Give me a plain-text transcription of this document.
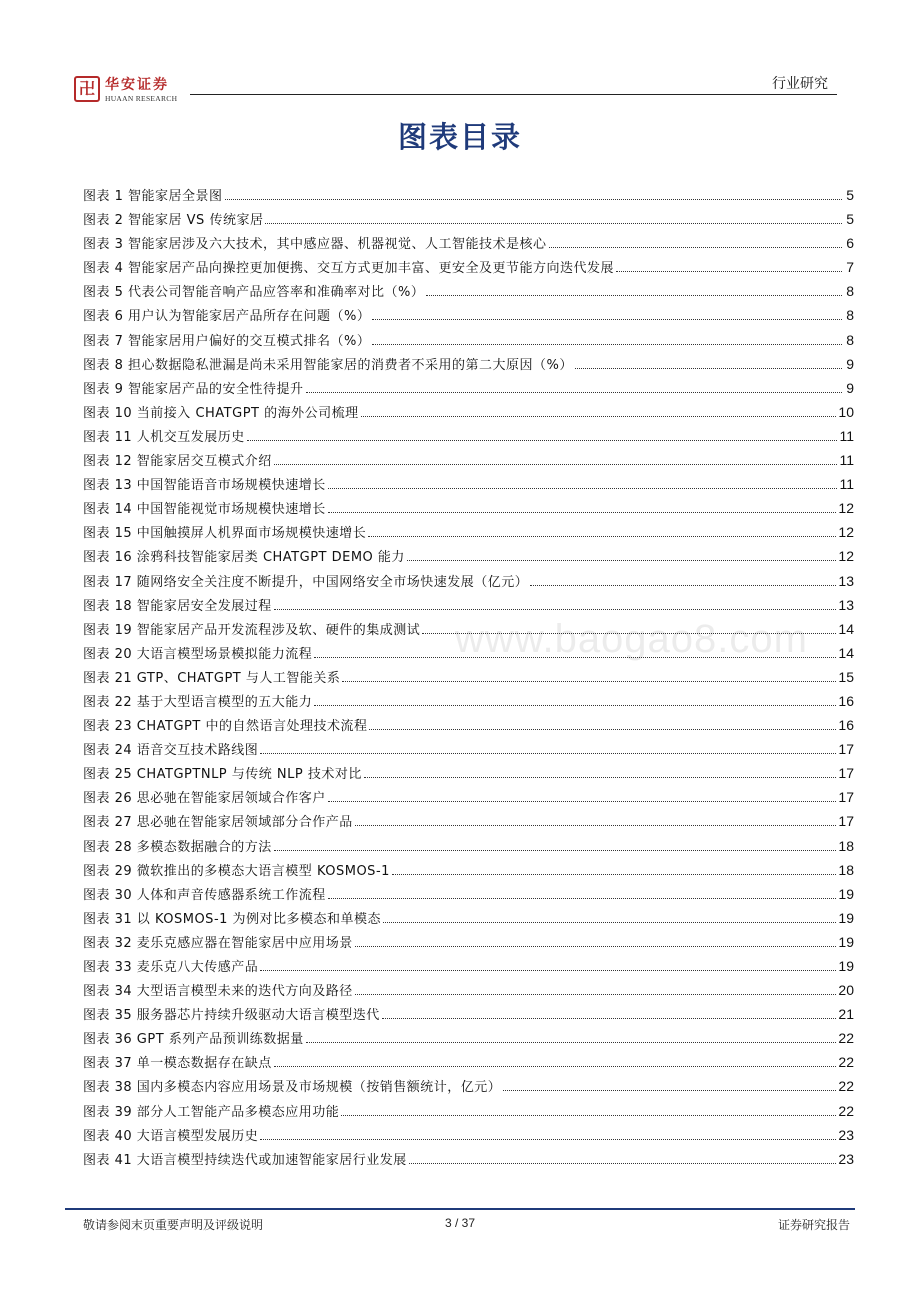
卍 华安证券
HUAAN RESEARCH
行业研究
图表目录
www.baogao8.com
图表 1 智能家居全景图	5
图表 2 智能家居 VS 传统家居	5
图表 3 智能家居涉及六大技术，其中感应器、机器视觉、人工智能技术是核心	6
图表 4 智能家居产品向操控更加便携、交互方式更加丰富、更安全及更节能方向迭代发展	7
图表 5 代表公司智能音响产品应答率和准确率对比（%）	8
图表 6 用户认为智能家居产品所存在问题（%）	8
图表 7 智能家居用户偏好的交互模式排名（%）	8
图表 8 担心数据隐私泄漏是尚未采用智能家居的消费者不采用的第二大原因（%）	9
图表 9 智能家居产品的安全性待提升	9
图表 10 当前接入 CHATGPT 的海外公司梳理	10
图表 11 人机交互发展历史	11
图表 12 智能家居交互模式介绍	11
图表 13 中国智能语音市场规模快速增长	11
图表 14 中国智能视觉市场规模快速增长	12
图表 15 中国触摸屏人机界面市场规模快速增长	12
图表 16 涂鸦科技智能家居类 CHATGPT DEMO 能力	12
图表 17 随网络安全关注度不断提升，中国网络安全市场快速发展（亿元）	13
图表 18 智能家居安全发展过程	13
图表 19 智能家居产品开发流程涉及软、硬件的集成测试	14
图表 20 大语言模型场景模拟能力流程	14
图表 21 GTP、CHATGPT 与人工智能关系	15
图表 22 基于大型语言模型的五大能力	16
图表 23 CHATGPT 中的自然语言处理技术流程	16
图表 24 语音交互技术路线图	17
图表 25 CHATGPTNLP 与传统 NLP 技术对比	17
图表 26 思必驰在智能家居领域合作客户	17
图表 27 思必驰在智能家居领域部分合作产品	17
图表 28 多模态数据融合的方法	18
图表 29 微软推出的多模态大语言模型 KOSMOS-1	18
图表 30 人体和声音传感器系统工作流程	19
图表 31 以 KOSMOS-1 为例对比多模态和单模态	19
图表 32 麦乐克感应器在智能家居中应用场景	19
图表 33 麦乐克八大传感产品	19
图表 34 大型语言模型未来的迭代方向及路径	20
图表 35 服务器芯片持续升级驱动大语言模型迭代	21
图表 36 GPT 系列产品预训练数据量	22
图表 37 单一模态数据存在缺点	22
图表 38 国内多模态内容应用场景及市场规模（按销售额统计，亿元）	22
图表 39 部分人工智能产品多模态应用功能	22
图表 40 大语言模型发展历史	23
图表 41 大语言模型持续迭代或加速智能家居行业发展	23
敬请参阅末页重要声明及评级说明	3 / 37	证券研究报告
